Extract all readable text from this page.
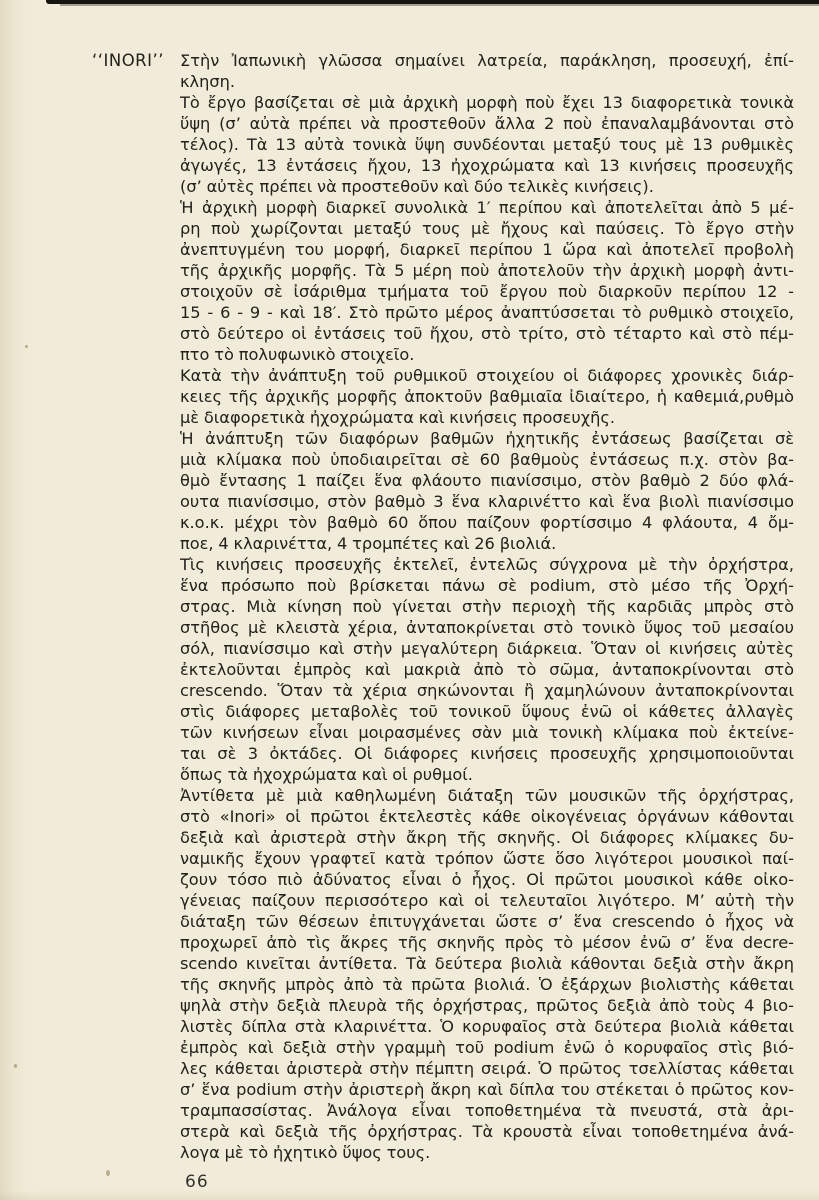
‘‘INORI’’ Στὴν Ἰαπωνικὴ γλῶσσα σημαίνει λατρεία, παράκληση, προσευχή, ἐπί-
κληση.
Τὸ ἔργο βασίζεται σὲ μιὰ ἀρχικὴ μορφὴ ποὺ ἔχει 13 διαφορετικὰ τονικὰ
ὕψη (σ’ αὐτὰ πρέπει νὰ προστεθοῦν ἄλλα 2 ποὺ ἐπαναλαμβάνονται στὸ
τέλος). Τὰ 13 αὐτὰ τονικὰ ὕψη συνδέονται μεταξύ τους μὲ 13 ρυθμικὲς
ἀγωγές, 13 ἐντάσεις ἤχου, 13 ἠχοχρώματα καὶ 13 κινήσεις προσευχῆς
(σ’ αὐτὲς πρέπει νὰ προστεθοῦν καὶ δύο τελικὲς κινήσεις).
Ἡ ἀρχικὴ μορφὴ διαρκεῖ συνολικὰ 1′ περίπου καὶ ἀποτελεῖται ἀπὸ 5 μέ-
ρη ποὺ χωρίζονται μεταξύ τους μὲ ἤχους καὶ παύσεις. Τὸ ἔργο στὴν
ἀνεπτυγμένη του μορφή, διαρκεῖ περίπου 1 ὥρα καὶ ἀποτελεῖ προβολὴ
τῆς ἀρχικῆς μορφῆς. Τὰ 5 μέρη ποὺ ἀποτελοῦν τὴν ἀρχικὴ μορφὴ ἀντι-
στοιχοῦν σὲ ἰσάριθμα τμήματα τοῦ ἔργου ποὺ διαρκοῦν περίπου 12 -
15 - 6 - 9 - καὶ 18′. Στὸ πρῶτο μέρος ἀναπτύσσεται τὸ ρυθμικὸ στοιχεῖο,
στὸ δεύτερο οἱ ἐντάσεις τοῦ ἤχου, στὸ τρίτο, στὸ τέταρτο καὶ στὸ πέμ-
πτο τὸ πολυφωνικὸ στοιχεῖο.
Κατὰ τὴν ἀνάπτυξη τοῦ ρυθμικοῦ στοιχείου οἱ διάφορες χρονικὲς διάρ-
κειες τῆς ἀρχικῆς μορφῆς ἀποκτοῦν βαθμιαῖα ἰδιαίτερο, ἡ καθεμιά,ρυθμὸ
μὲ διαφορετικὰ ἠχοχρώματα καὶ κινήσεις προσευχῆς.
Ἡ ἀνάπτυξη τῶν διαφόρων βαθμῶν ἠχητικῆς ἐντάσεως βασίζεται σὲ
μιὰ κλίμακα ποὺ ὑποδιαιρεῖται σὲ 60 βαθμοὺς ἐντάσεως π.χ. στὸν βα-
θμὸ ἔντασης 1 παίζει ἕνα φλάουτο πιανίσσιμο, στὸν βαθμὸ 2 δύο φλά-
ουτα πιανίσσιμο, στὸν βαθμὸ 3 ἕνα κλαρινέττο καὶ ἕνα βιολὶ πιανίσσιμο
κ.ο.κ. μέχρι τὸν βαθμὸ 60 ὅπου παίζουν φορτίσσιμο 4 φλάουτα, 4 ὄμ-
ποε, 4 κλαρινέττα, 4 τρομπέτες καὶ 26 βιολιά.
Τὶς κινήσεις προσευχῆς ἐκτελεῖ, ἐντελῶς σύγχρονα μὲ τὴν ὀρχήστρα,
ἕνα πρόσωπο ποὺ βρίσκεται πάνω σὲ podium, στὸ μέσο τῆς Ὀρχή-
στρας. Μιὰ κίνηση ποὺ γίνεται στὴν περιοχὴ τῆς καρδιᾶς μπρὸς στὸ
στῆθος μὲ κλειστὰ χέρια, ἀνταποκρίνεται στὸ τονικὸ ὕψος τοῦ μεσαίου
σόλ, πιανίσσιμο καὶ στὴν μεγαλύτερη διάρκεια. Ὅταν οἱ κινήσεις αὐτὲς
ἐκτελοῦνται ἐμπρὸς καὶ μακριὰ ἀπὸ τὸ σῶμα, ἀνταποκρίνονται στὸ
crescendo. Ὅταν τὰ χέρια σηκώνονται ἢ χαμηλώνουν ἀνταποκρίνονται
στὶς διάφορες μεταβολὲς τοῦ τονικοῦ ὕψους ἐνῶ οἱ κάθετες ἀλλαγὲς
τῶν κινήσεων εἶναι μοιρασμένες σὰν μιὰ τονικὴ κλίμακα ποὺ ἐκτείνε-
ται σὲ 3 ὀκτάδες. Οἱ διάφορες κινήσεις προσευχῆς χρησιμοποιοῦνται
ὅπως τὰ ἠχοχρώματα καὶ οἱ ρυθμοί.
Ἀντίθετα μὲ μιὰ καθηλωμένη διάταξη τῶν μουσικῶν τῆς ὀρχήστρας,
στὸ «Inori» οἱ πρῶτοι ἐκτελεστὲς κάθε οἰκογένειας ὀργάνων κάθονται
δεξιὰ καὶ ἀριστερὰ στὴν ἄκρη τῆς σκηνῆς. Οἱ διάφορες κλίμακες δυ-
ναμικῆς ἔχουν γραφτεῖ κατὰ τρόπον ὥστε ὅσο λιγότεροι μουσικοὶ παί-
ζουν τόσο πιὸ ἀδύνατος εἶναι ὁ ἦχος. Οἱ πρῶτοι μουσικοὶ κάθε οἰκο-
γένειας παίζουν περισσότερο καὶ οἱ τελευταῖοι λιγότερο. Μ’ αὐτὴ τὴν
διάταξη τῶν θέσεων ἐπιτυγχάνεται ὥστε σ’ ἕνα crescendo ὁ ἦχος νὰ
προχωρεῖ ἀπὸ τὶς ἄκρες τῆς σκηνῆς πρὸς τὸ μέσον ἐνῶ σ’ ἕνα decre-
scendo κινεῖται ἀντίθετα. Τὰ δεύτερα βιολιὰ κάθονται δεξιὰ στὴν ἄκρη
τῆς σκηνῆς μπρὸς ἀπὸ τὰ πρῶτα βιολιά. Ὁ ἐξάρχων βιολιστὴς κάθεται
ψηλὰ στὴν δεξιὰ πλευρὰ τῆς ὀρχήστρας, πρῶτος δεξιὰ ἀπὸ τοὺς 4 βιο-
λιστὲς δίπλα στὰ κλαρινέττα. Ὁ κορυφαῖος στὰ δεύτερα βιολιὰ κάθεται
ἐμπρὸς καὶ δεξιὰ στὴν γραμμὴ τοῦ podium ἐνῶ ὁ κορυφαῖος στὶς βιό-
λες κάθεται ἀριστερὰ στὴν πέμπτη σειρά. Ὁ πρῶτος τσελλίστας κάθεται
σ’ ἕνα podium στὴν ἀριστερὴ ἄκρη καὶ δίπλα του στέκεται ὁ πρῶτος κον-
τραμπασσίστας. Ἀνάλογα εἶναι τοποθετημένα τὰ πνευστά, στὰ ἀρι-
στερὰ καὶ δεξιὰ τῆς ὀρχήστρας. Τὰ κρουστὰ εἶναι τοποθετημένα ἀνά-
λογα μὲ τὸ ἠχητικὸ ὕψος τους.
66
